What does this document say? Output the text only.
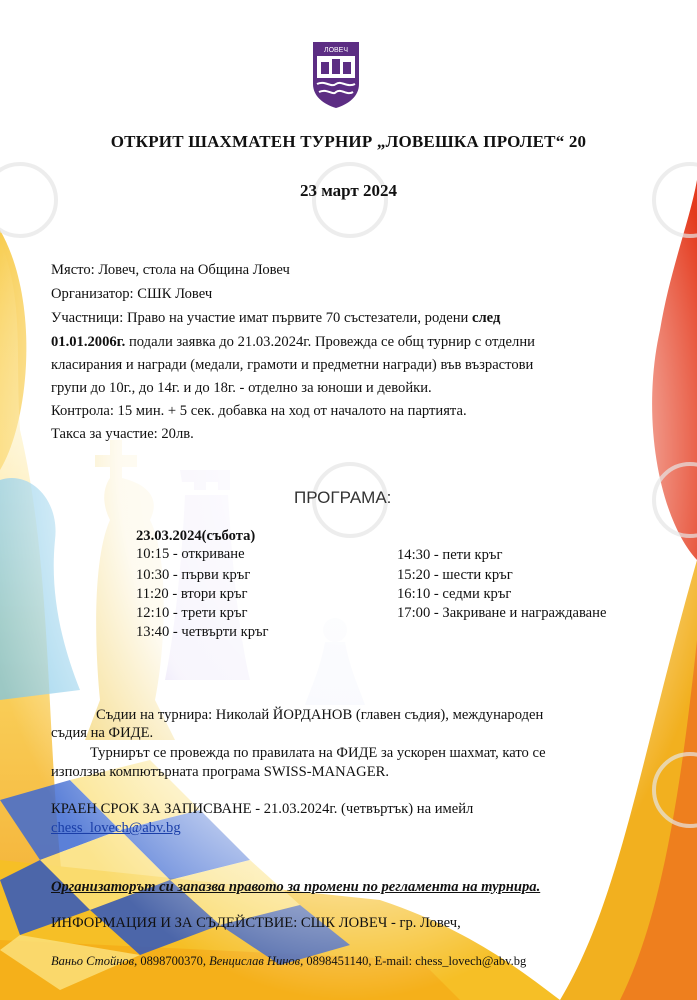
ЛОВЕЧ
ОТКРИТ ШАХМАТЕН ТУРНИР „ЛОВЕШКА ПРОЛЕТ“ 20
23 март 2024
Място: Ловеч, стола на Община Ловеч
Организатор: СШК Ловеч
Участници: Право на участие имат първите 70 състезатели, родени след
01.01.2006г. подали заявка до 21.03.2024г. Провежда се общ турнир с отделни
класирания и награди (медали, грамоти и предметни награди) във възрастови
групи до 10г., до 14г. и до 18г. - отделно за юноши и девойки.
Контрола: 15 мин. + 5 сек. добавка на ход от началото на партията.
Такса за участие: 20лв.
ПРОГРАМА:
23.03.2024(събота)
10:15 - откриване
10:30 - първи кръг
11:20 - втори кръг
12:10 - трети кръг
13:40 - четвърти кръг
14:30 - пети кръг
15:20 - шести кръг
16:10 - седми кръг
17:00 - Закриване и награждаване
Съдии на турнира: Николай ЙОРДАНОВ (главен съдия), международен
съдия на ФИДЕ.
Турнирът се провежда по правилата на ФИДЕ за ускорен шахмат, като се
използва компютърната програма SWISS-MANAGER.
КРАЕН СРОК ЗА ЗАПИСВАНЕ - 21.03.2024г. (четвъртък) на имейл
chess_lovech@abv.bg
Организаторът си запазва правото за промени по регламента на турнира.
ИНФОРМАЦИЯ И ЗА СЪДЕЙСТВИЕ: СШК ЛОВЕЧ - гр. Ловеч,
Ваньо Стойнов, 0898700370, Венцислав Нинов, 0898451140, E-mail: chess_lovech@abv.bg
